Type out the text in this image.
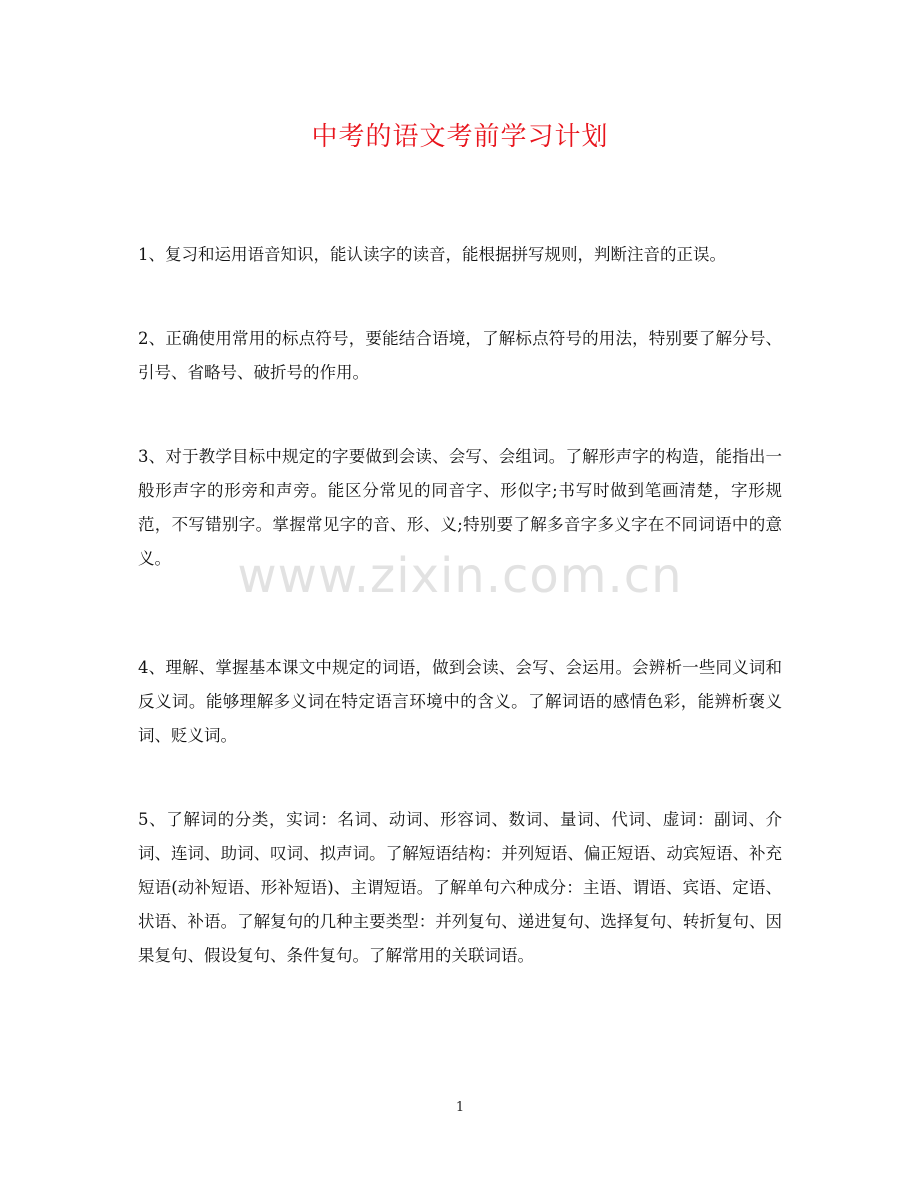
中考的语文考前学习计划

1、复习和运用语音知识，能认读字的读音，能根据拼写规则，判断注音的正误。

2、正确使用常用的标点符号，要能结合语境，了解标点符号的用法，特别要了解分号、引号、省略号、破折号的作用。

3、对于教学目标中规定的字要做到会读、会写、会组词。了解形声字的构造，能指出一般形声字的形旁和声旁。能区分常见的同音字、形似字;书写时做到笔画清楚，字形规范，不写错别字。掌握常见字的音、形、义;特别要了解多音字多义字在不同词语中的意义。

4、理解、掌握基本课文中规定的词语，做到会读、会写、会运用。会辨析一些同义词和反义词。能够理解多义词在特定语言环境中的含义。了解词语的感情色彩，能辨析褒义词、贬义词。

5、了解词的分类，实词：名词、动词、形容词、数词、量词、代词、虚词：副词、介词、连词、助词、叹词、拟声词。了解短语结构：并列短语、偏正短语、动宾短语、补充短语(动补短语、形补短语)、主谓短语。了解单句六种成分：主语、谓语、宾语、定语、状语、补语。了解复句的几种主要类型：并列复句、递进复句、选择复句、转折复句、因果复句、假设复句、条件复句。了解常用的关联词语。

www.zixin.com.cn
1
